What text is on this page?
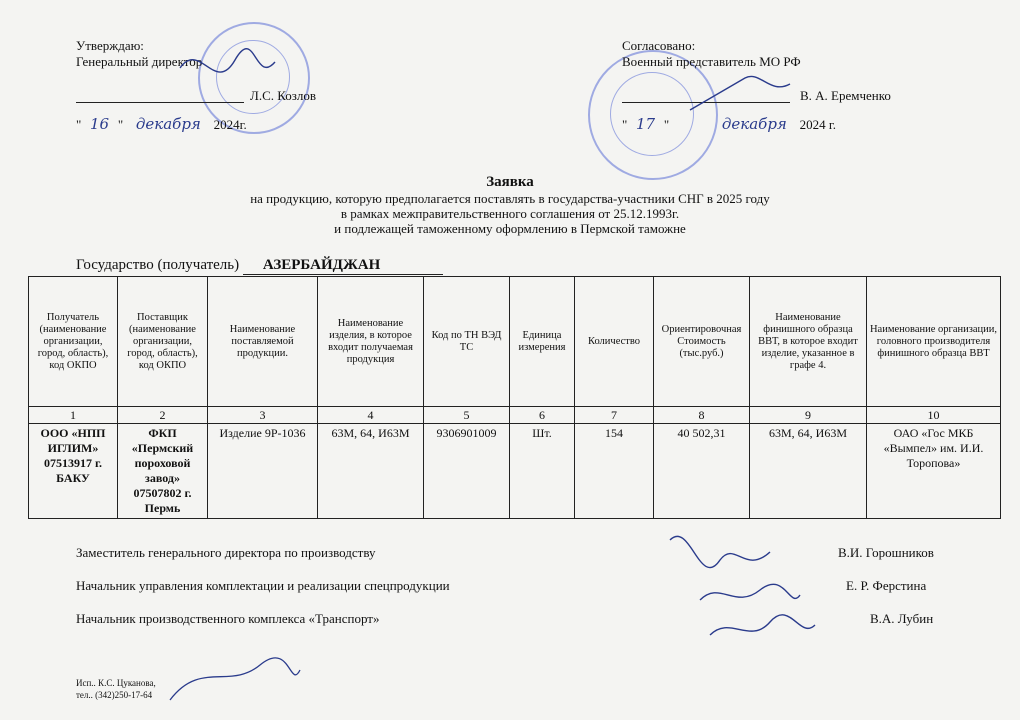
Утверждаю:
Генеральный директор
Л.С. Козлов
" 16 " декабря 2024г.
Согласовано:
Военный представитель МО РФ
В. А. Еремченко
" 17 "	декабря 2024 г.
Заявка
на продукцию, которую предполагается поставлять в государства-участники СНГ в 2025 году
в рамках межправительственного соглашения от 25.12.1993г.
и подлежащей таможенному оформлению в Пермской таможне
Государство (получатель) АЗЕРБАЙДЖАН
Получатель (наименование организации, город, область), код ОКПО	Поставщик (наименование организации, город, область), код ОКПО	Наименование поставляемой продукции.	Наименование изделия, в которое входит получаемая продукция	Код по ТН ВЭД ТС	Единица измерения	Количество	Ориентировочная Стоимость (тыс.руб.)	Наименование финишного образца ВВТ, в которое входит изделие, указанное в графе 4.	Наименование организации, головного производителя финишного образца ВВТ
1	2	3	4	5	6	7	8	9	10
ООО «НПП ИГЛИМ» 07513917 г. БАКУ	ФКП «Пермский пороховой завод» 07507802 г. Пермь	Изделие 9Р-1036	63М, 64, И63М	9306901009	Шт.	154	40 502,31	63М, 64, И63М	ОАО «Гос МКБ «Вымпел» им. И.И. Торопова»
Заместитель генерального директора по производству	В.И. Горошников
Начальник управления комплектации и реализации спецпродукции	Е. Р. Ферстина
Начальник производственного комплекса «Транспорт»	В.А. Лубин
Исп.. К.С. Цуканова,
тел.. (342)250-17-64
